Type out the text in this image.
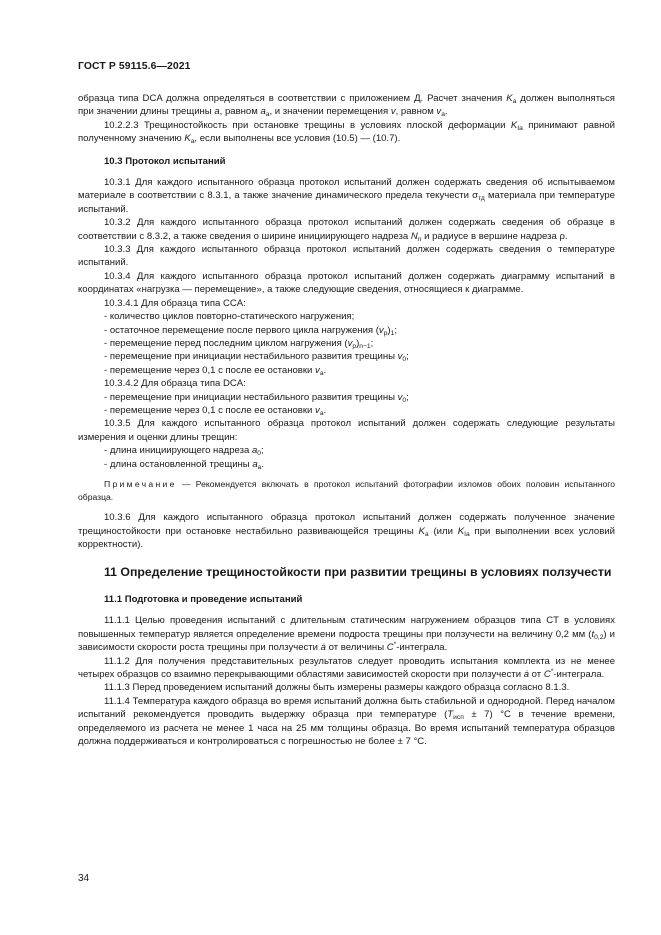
ГОСТ Р 59115.6—2021

образца типа DCA должна определяться в соответствии с приложением Д. Расчет значения $K_a$ должен выполняться при значении длины трещины a, равном $a_a$, и значении перемещения v, равном $v_a$.

10.2.2.3 Трещиностойкость при остановке трещины в условиях плоской деформации $K_{Ia}$ принимают равной полученному значению $K_a$, если выполнены все условия (10.5) — (10.7).

10.3 Протокол испытаний

10.3.1 Для каждого испытанного образца протокол испытаний должен содержать сведения об испытываемом материале в соответствии с 8.3.1, а также значение динамического предела текучести $\sigma_{тд}$ материала при температуре испытаний.

10.3.2 Для каждого испытанного образца протокол испытаний должен содержать сведения об образце в соответствии с 8.3.2, а также сведения о ширине инициирующего надреза $N_n$ и радиусе в вершине надреза ρ.

10.3.3 Для каждого испытанного образца протокол испытаний должен содержать сведения о температуре испытаний.

10.3.4 Для каждого испытанного образца протокол испытаний должен содержать диаграмму испытаний в координатах «нагрузка — перемещение», а также следующие сведения, относящиеся к диаграмме.

10.3.4.1 Для образца типа CCA:

- количество циклов повторно-статического нагружения;

- остаточное перемещение после первого цикла нагружения $(v_p)_1$;

- перемещение перед последним циклом нагружения $(v_p)_{n-1}$;

- перемещение при инициации нестабильного развития трещины $v_0$;

- перемещение через 0,1 с после ее остановки $v_a$.

10.3.4.2 Для образца типа DCA:

- перемещение при инициации нестабильного развития трещины $v_0$;

- перемещение через 0,1 с после ее остановки $v_a$.

10.3.5 Для каждого испытанного образца протокол испытаний должен содержать следующие результаты измерения и оценки длины трещин:

- длина инициирующего надреза $a_0$;

- длина остановленной трещины $a_a$.

Примечание — Рекомендуется включать в протокол испытаний фотографии изломов обоих половин испытанного образца.

10.3.6 Для каждого испытанного образца протокол испытаний должен содержать полученное значение трещиностойкости при остановке нестабильно развивающейся трещины $K_a$ (или $K_{Ia}$ при выполнении всех условий корректности).

11 Определение трещиностойкости при развитии трещины в условиях ползучести

11.1 Подготовка и проведение испытаний

11.1.1 Целью проведения испытаний с длительным статическим нагружением образцов типа CT в условиях повышенных температур является определение времени подроста трещины при ползучести на величину 0,2 мм $(t_{0,2})$ и зависимости скорости роста трещины при ползучести ȧ от величины C*-интеграла.

11.1.2 Для получения представительных результатов следует проводить испытания комплекта из не менее четырех образцов со взаимно перекрывающими областями зависимостей скорости при ползучести ȧ от C*-интеграла.

11.1.3 Перед проведением испытаний должны быть измерены размеры каждого образца согласно 8.1.3.

11.1.4 Температура каждого образца во время испытаний должна быть стабильной и однородной. Перед началом испытаний рекомендуется проводить выдержку образца при температуре $(T_{исп} \pm 7)$ °C в течение времени, определяемого из расчета не менее 1 часа на 25 мм толщины образца. Во время испытаний температура образцов должна поддерживаться и контролироваться с погрешностью не более ± 7 °C.

34
